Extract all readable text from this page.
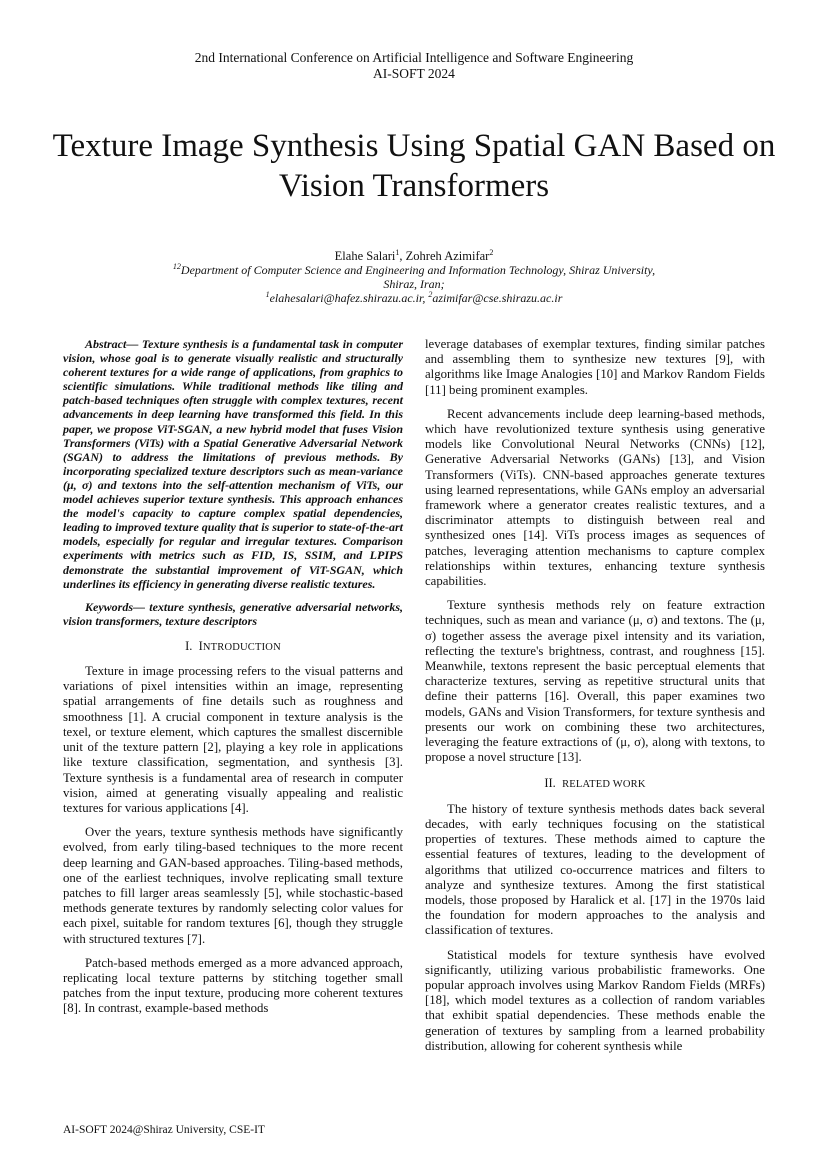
2nd International Conference on Artificial Intelligence and Software Engineering
AI-SOFT 2024
Texture Image Synthesis Using Spatial GAN Based on Vision Transformers
Elahe Salari$^1$, Zohreh Azimifar$^2$
$^{12}$Department of Computer Science and Engineering and Information Technology, Shiraz University,
Shiraz, Iran;
$^1$elahesalari@hafez.shirazu.ac.ir, $^2$azimifar@cse.shirazu.ac.ir

Abstract— Texture synthesis is a fundamental task in computer vision, whose goal is to generate visually realistic and structurally coherent textures for a wide range of applications, from graphics to scientific simulations. While traditional methods like tiling and patch-based techniques often struggle with complex textures, recent advancements in deep learning have transformed this field. In this paper, we propose ViT-SGAN, a new hybrid model that fuses Vision Transformers (ViTs) with a Spatial Generative Adversarial Network (SGAN) to address the limitations of previous methods. By incorporating specialized texture descriptors such as mean-variance (μ, σ) and textons into the self-attention mechanism of ViTs, our model achieves superior texture synthesis. This approach enhances the model's capacity to capture complex spatial dependencies, leading to improved texture quality that is superior to state-of-the-art models, especially for regular and irregular textures. Comparison experiments with metrics such as FID, IS, SSIM, and LPIPS demonstrate the substantial improvement of ViT-SGAN, which underlines its efficiency in generating diverse realistic textures.

Keywords— texture synthesis, generative adversarial networks, vision transformers, texture descriptors

I. INTRODUCTION

Texture in image processing refers to the visual patterns and variations of pixel intensities within an image, representing spatial arrangements of fine details such as roughness and smoothness [1]. A crucial component in texture analysis is the texel, or texture element, which captures the smallest discernible unit of the texture pattern [2], playing a key role in applications like texture classification, segmentation, and synthesis [3]. Texture synthesis is a fundamental area of research in computer vision, aimed at generating visually appealing and realistic textures for various applications [4].

Over the years, texture synthesis methods have significantly evolved, from early tiling-based techniques to the more recent deep learning and GAN-based approaches. Tiling-based methods, one of the earliest techniques, involve replicating small texture patches to fill larger areas seamlessly [5], while stochastic-based methods generate textures by randomly selecting color values for each pixel, suitable for random textures [6], though they struggle with structured textures [7].

Patch-based methods emerged as a more advanced approach, replicating local texture patterns by stitching together small patches from the input texture, producing more coherent textures [8]. In contrast, example-based methods

leverage databases of exemplar textures, finding similar patches and assembling them to synthesize new textures [9], with algorithms like Image Analogies [10] and Markov Random Fields [11] being prominent examples.

Recent advancements include deep learning-based methods, which have revolutionized texture synthesis using generative models like Convolutional Neural Networks (CNNs) [12], Generative Adversarial Networks (GANs) [13], and Vision Transformers (ViTs). CNN-based approaches generate textures using learned representations, while GANs employ an adversarial framework where a generator creates realistic textures, and a discriminator attempts to distinguish between real and synthesized ones [14]. ViTs process images as sequences of patches, leveraging attention mechanisms to capture complex relationships within textures, enhancing texture synthesis capabilities.

Texture synthesis methods rely on feature extraction techniques, such as mean and variance (μ, σ) and textons. The (μ, σ) together assess the average pixel intensity and its variation, reflecting the texture's brightness, contrast, and roughness [15]. Meanwhile, textons represent the basic perceptual elements that characterize textures, serving as repetitive structural units that define their patterns [16]. Overall, this paper examines two models, GANs and Vision Transformers, for texture synthesis and presents our work on combining these two architectures, leveraging the feature extractions of (μ, σ), along with textons, to propose a novel structure [13].

II. RELATED WORK

The history of texture synthesis methods dates back several decades, with early techniques focusing on the statistical properties of textures. These methods aimed to capture the essential features of textures, leading to the development of algorithms that utilized co-occurrence matrices and filters to analyze and synthesize textures. Among the first statistical models, those proposed by Haralick et al. [17] in the 1970s laid the foundation for modern approaches to the analysis and classification of textures.

Statistical models for texture synthesis have evolved significantly, utilizing various probabilistic frameworks. One popular approach involves using Markov Random Fields (MRFs) [18], which model textures as a collection of random variables that exhibit spatial dependencies. These methods enable the generation of textures by sampling from a learned probability distribution, allowing for coherent synthesis while

AI-SOFT 2024@Shiraz University, CSE-IT
